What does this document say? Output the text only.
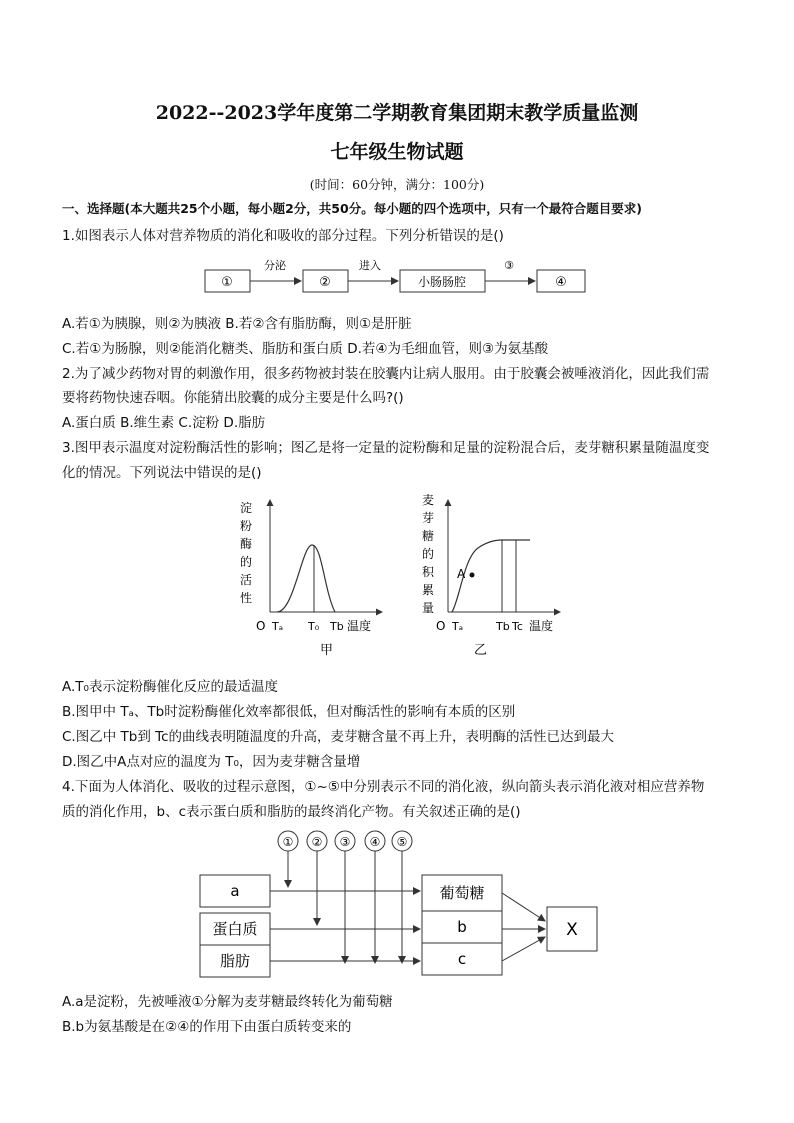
2022--2023学年度第二学期教育集团期末教学质量监测
七年级生物试题
(时间：60分钟，满分：100分)
一、选择题(本大题共25个小题，每小题2分，共50分。每小题的四个选项中，只有一个最符合题目要求)
1.如图表示人体对营养物质的消化和吸收的部分过程。下列分析错误的是()
①
分泌
②
进入
小肠肠腔
③
④
A.若①为胰腺，则②为胰液 B.若②含有脂肪酶，则①是肝脏
C.若①为肠腺，则②能消化糖类、脂肪和蛋白质 D.若④为毛细血管，则③为氨基酸
2.为了减少药物对胃的刺激作用，很多药物被封装在胶囊内让病人服用。由于胶囊会被唾液消化，因此我们需
要将药物快速吞咽。你能猜出胶囊的成分主要是什么吗?()
A.蛋白质 B.维生素 C.淀粉 D.脂肪
3.图甲表示温度对淀粉酶活性的影响；图乙是将一定量的淀粉酶和足量的淀粉混合后，麦芽糖积累量随温度变
化的情况。下列说法中错误的是()
淀
粉
酶
的
活
性
O Tₐ T₀ Tb 温度
甲
麦
芽
糖
的
积
累
量
A
O Tₐ	Tb Tc 温度
乙
A.T₀表示淀粉酶催化反应的最适温度
B.图甲中 Tₐ、Tb时淀粉酶催化效率都很低，但对酶活性的影响有本质的区别
C.图乙中 Tb到 Tc的曲线表明随温度的升高，麦芽糖含量不再上升，表明酶的活性已达到最大
D.图乙中A点对应的温度为 T₀，因为麦芽糖含量增
4.下面为人体消化、吸收的过程示意图，①~⑤中分别表示不同的消化液，纵向箭头表示消化液对相应营养物
质的消化作用，b、c表示蛋白质和脂肪的最终消化产物。有关叙述正确的是()
① ② ③ ④ ⑤
a
蛋白质
脂肪
葡萄糖
b
c
X
A.a是淀粉，先被唾液①分解为麦芽糖最终转化为葡萄糖
B.b为氨基酸是在②④的作用下由蛋白质转变来的
